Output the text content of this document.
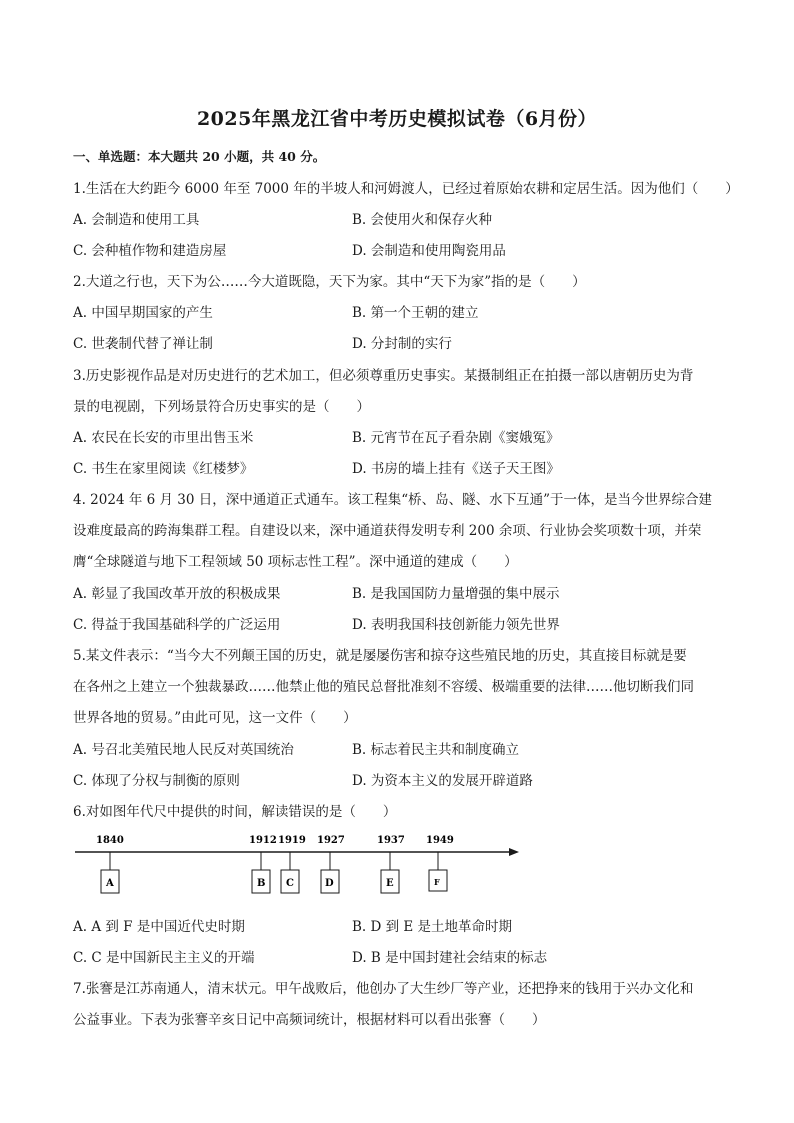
2025年黑龙江省中考历史模拟试卷（6月份）
一、单选题：本大题共 20 小题，共 40 分。
1.生活在大约距今 6000 年至 7000 年的半坡人和河姆渡人，已经过着原始农耕和定居生活。因为他们（　　）
A. 会制造和使用工具	B. 会使用火和保存火种
C. 会种植作物和建造房屋	D. 会制造和使用陶瓷用品
2.大道之行也，天下为公……今大道既隐，天下为家。其中“天下为家”指的是（　　）
A. 中国早期国家的产生	B. 第一个王朝的建立
C. 世袭制代替了禅让制	D. 分封制的实行
3.历史影视作品是对历史进行的艺术加工，但必须尊重历史事实。某摄制组正在拍摄一部以唐朝历史为背
景的电视剧，下列场景符合历史事实的是（　　）
A. 农民在长安的市里出售玉米	B. 元宵节在瓦子看杂剧《窦娥冤》
C. 书生在家里阅读《红楼梦》	D. 书房的墙上挂有《送子天王图》
4. 2024 年 6 月 30 日，深中通道正式通车。该工程集“桥、岛、隧、水下互通”于一体，是当今世界综合建
设难度最高的跨海集群工程。自建设以来，深中通道获得发明专利 200 余项、行业协会奖项数十项，并荣
膺“全球隧道与地下工程领域 50 项标志性工程”。深中通道的建成（　　）
A. 彰显了我国改革开放的积极成果	B. 是我国国防力量增强的集中展示
C. 得益于我国基础科学的广泛运用	D. 表明我国科技创新能力领先世界
5.某文件表示：“当今大不列颠王国的历史，就是屡屡伤害和掠夺这些殖民地的历史，其直接目标就是要
在各州之上建立一个独裁暴政……他禁止他的殖民总督批准刻不容缓、极端重要的法律……他切断我们同
世界各地的贸易。”由此可见，这一文件（　　）
A. 号召北美殖民地人民反对英国统治	B. 标志着民主共和制度确立
C. 体现了分权与制衡的原则	D. 为资本主义的发展开辟道路
6.对如图年代尺中提供的时间，解读错误的是（　　）
1840
A
1912
B
1919
C
1927
D
1937
E
1949
F
A. A 到 F 是中国近代史时期	B. D 到 E 是土地革命时期
C. C 是中国新民主主义的开端	D. B 是中国封建社会结束的标志
7.张謇是江苏南通人，清末状元。甲午战败后，他创办了大生纱厂等产业，还把挣来的钱用于兴办文化和
公益事业。下表为张謇辛亥日记中高频词统计，根据材料可以看出张謇（　　）
